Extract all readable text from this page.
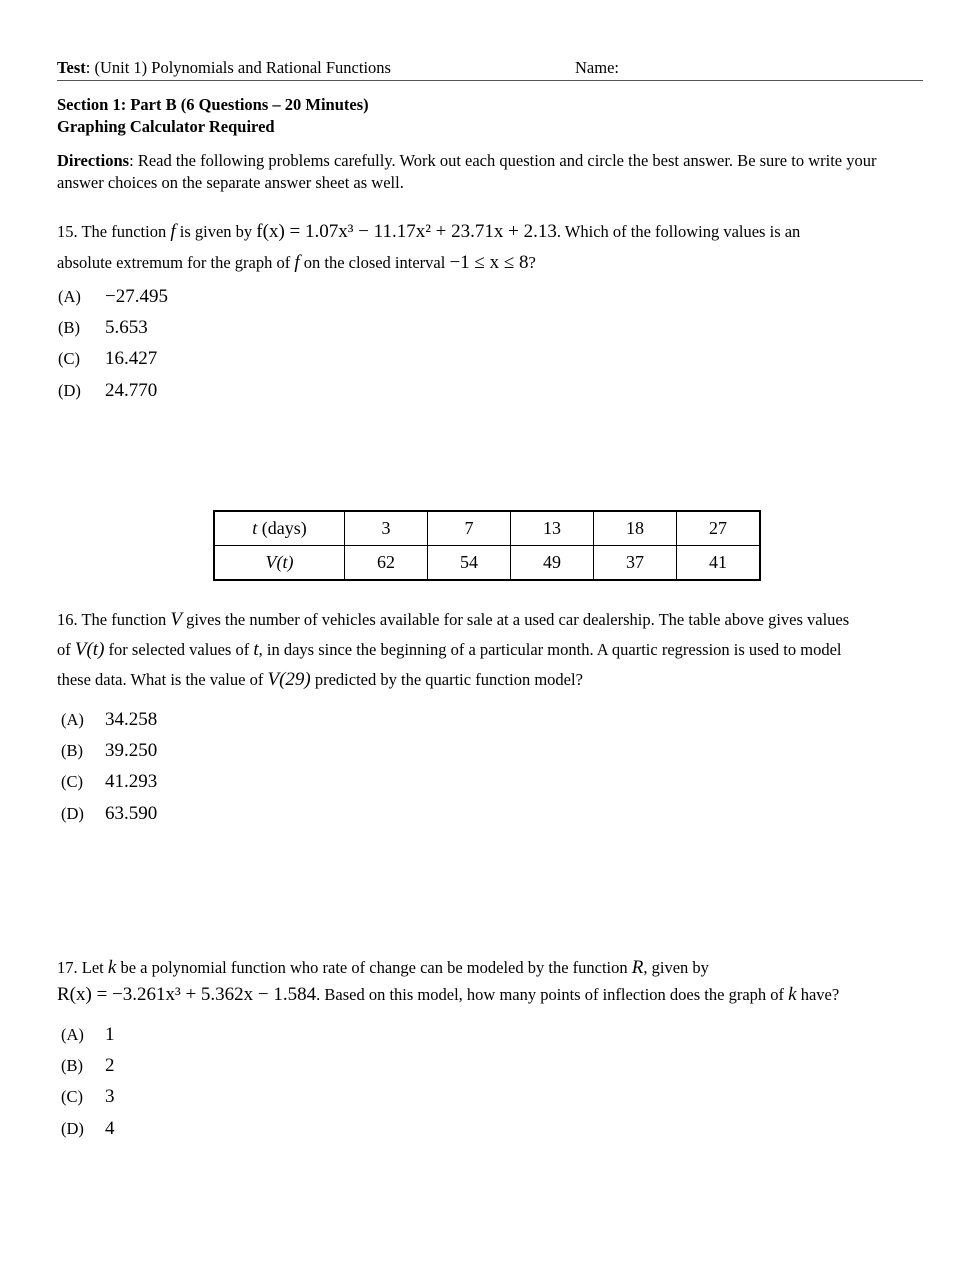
Test: (Unit 1) Polynomials and Rational Functions	Name:
Section 1: Part B (6 Questions – 20 Minutes)
Graphing Calculator Required
Directions: Read the following problems carefully. Work out each question and circle the best answer. Be sure to write your answer choices on the separate answer sheet as well.
15. The function f is given by f(x) = 1.07x³ − 11.17x² + 23.71x + 2.13. Which of the following values is an
absolute extremum for the graph of f on the closed interval −1 ≤ x ≤ 8?
(A) −27.495
(B) 5.653
(C) 16.427
(D) 24.770
t (days)	3	7	13	18	27
V(t)	62	54	49	37	41
16. The function V gives the number of vehicles available for sale at a used car dealership. The table above gives values
of V(t) for selected values of t, in days since the beginning of a particular month. A quartic regression is used to model
these data. What is the value of V(29) predicted by the quartic function model?
(A) 34.258
(B) 39.250
(C) 41.293
(D) 63.590
17. Let k be a polynomial function who rate of change can be modeled by the function R, given by
R(x) = −3.261x³ + 5.362x − 1.584. Based on this model, how many points of inflection does the graph of k have?
(A) 1
(B) 2
(C) 3
(D) 4
